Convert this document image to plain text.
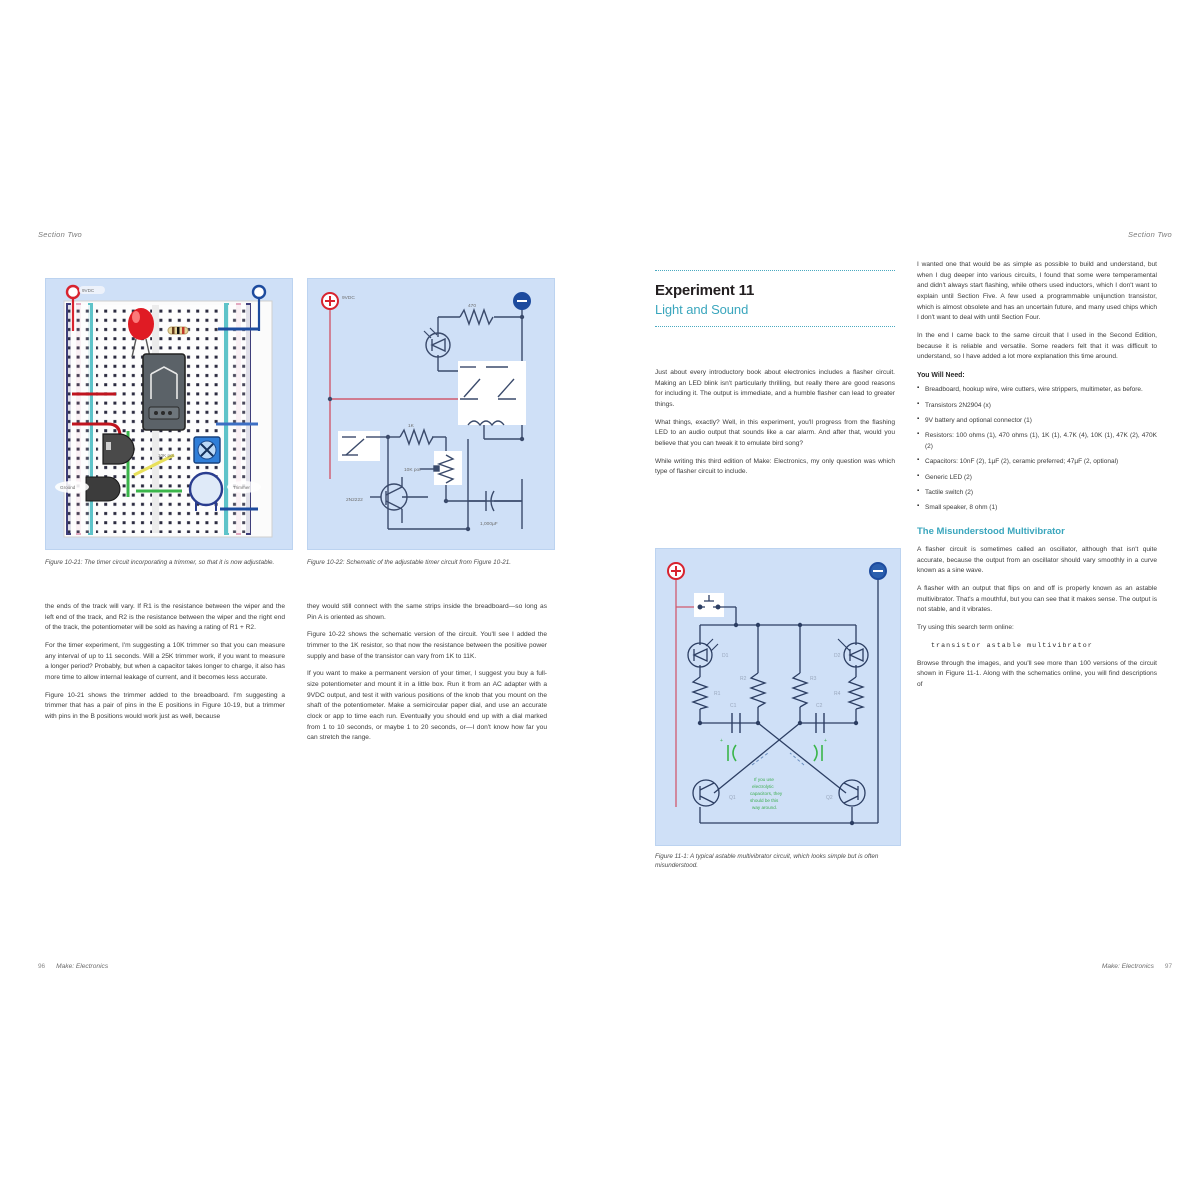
Section Two
9VDC
Ground	Trimmer
10K pot
Figure 10-21: The timer circuit incorporating a trimmer, so that it is now adjustable.
9VDC
470
1K
10K pot
2N2222
1,000µF
Figure 10-22: Schematic of the adjustable timer circuit from Figure 10-21.

the ends of the track will vary. If R1 is the resistance between the wiper and the left end of the track, and R2 is the resistance between the wiper and the right end of the track, the potentiometer will be sold as having a rating of R1 + R2.

For the timer experiment, I'm suggesting a 10K trimmer so that you can measure any interval of up to 11 seconds. Will a 25K trimmer work, if you want to measure a longer period? Probably, but when a capacitor takes longer to charge, it also has more time to allow internal leakage of current, and it becomes less accurate.

Figure 10-21 shows the trimmer added to the breadboard. I'm suggesting a trimmer that has a pair of pins in the E positions in Figure 10-19, but a trimmer with pins in the B positions would work just as well, because

they would still connect with the same strips inside the breadboard—so long as Pin A is oriented as shown.

Figure 10-22 shows the schematic version of the circuit. You'll see I added the trimmer to the 1K resistor, so that now the resistance between the positive power supply and base of the transistor can vary from 1K to 11K.

If you want to make a permanent version of your timer, I suggest you buy a full-size potentiometer and mount it in a little box. Run it from an AC adapter with a 9VDC output, and test it with various positions of the knob that you mount on the shaft of the potentiometer. Make a semicircular paper dial, and use an accurate clock or app to time each run. Eventually you should end up with a dial marked from 1 to 10 seconds, or maybe 1 to 20 seconds, or—I don't know how far you can stretch the range.

96 Make: Electronics
Section Two
Experiment 11
Light and Sound

Just about every introductory book about electronics includes a flasher circuit. Making an LED blink isn't particularly thrilling, but really there are good reasons for including it. The output is immediate, and a humble flasher can lead to greater things.

What things, exactly? Well, in this experiment, you'll progress from the flashing LED to an audio output that sounds like a car alarm. And after that, would you believe that you can tweak it to emulate bird song?

While writing this third edition of Make: Electronics, my only question was which type of flasher circuit to include.

+	+
If you use
electrolytic
capacitors, they
should be this
way around.
D1	D2
R1
R2	R3
R4
C1	C2
Q1	Q2
Figure 11-1: A typical astable multivibrator circuit, which looks simple but is often misunderstood.

I wanted one that would be as simple as possible to build and understand, but when I dug deeper into various circuits, I found that some were temperamental and didn't always start flashing, while others used inductors, which I don't want to explain until Section Five. A few used a programmable unijunction transistor, which is almost obsolete and has an uncertain future, and many used chips which I don't want to deal with until Section Four.

In the end I came back to the same circuit that I used in the Second Edition, because it is reliable and versatile. Some readers felt that it was difficult to understand, so I have added a lot more explanation this time around.

You Will Need:
▪ Breadboard, hookup wire, wire cutters, wire strippers, multimeter, as before.
▪ Transistors 2N2904 (x)
▪ 9V battery and optional connector (1)
▪ Resistors: 100 ohms (1), 470 ohms (1), 1K (1), 4.7K (4), 10K (1), 47K (2), 470K (2)
▪ Capacitors: 10nF (2), 1µF (2), ceramic preferred; 47µF (2, optional)
▪ Generic LED (2)
▪ Tactile switch (2)
▪ Small speaker, 8 ohm (1)
The Misunderstood Multivibrator

A flasher circuit is sometimes called an oscillator, although that isn't quite accurate, because the output from an oscillator should vary smoothly in a curve known as a sine wave.

A flasher with an output that flips on and off is properly known as an astable multivibrator. That's a mouthful, but you can see that it makes sense. The output is not stable, and it vibrates.

Try using this search term online:

transistor astable multivibrator

Browse through the images, and you'll see more than 100 versions of the circuit shown in Figure 11-1. Along with the schematics online, you will find descriptions of

Make: Electronics 97
